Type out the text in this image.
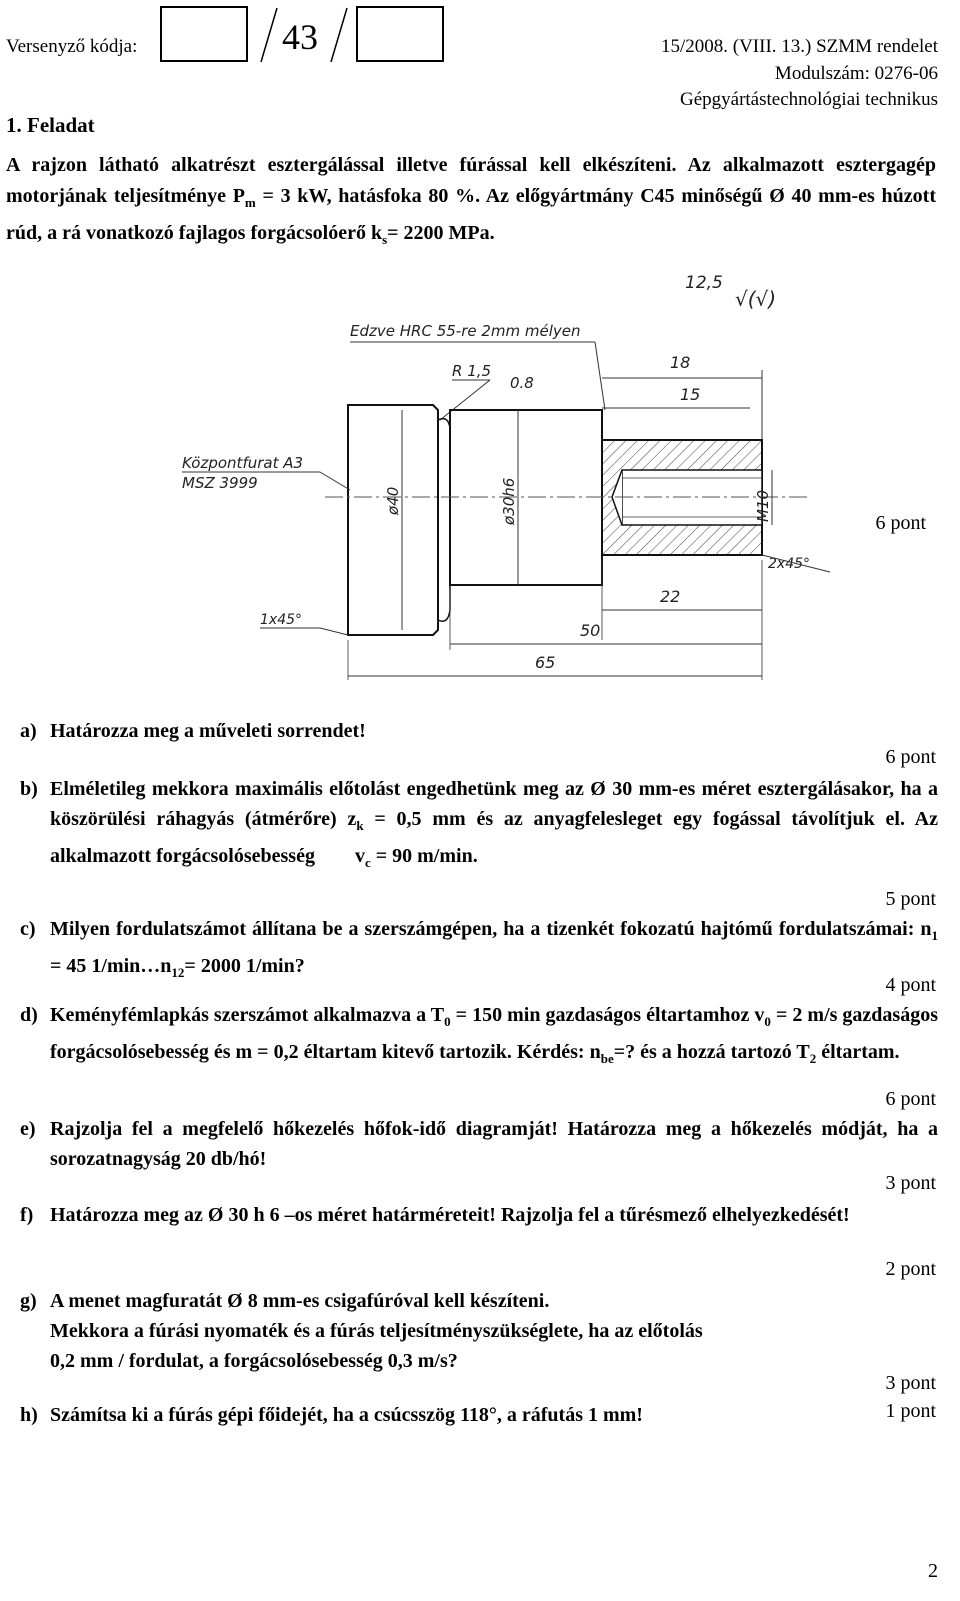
Versenyző kódja:	43	15/2008. (VIII. 13.) SZMM rendelet
Modulszám: 0276-06
Gépgyártástechnológiai technikus
1. Feladat
A rajzon látható alkatrészt esztergálással illetve fúrással kell elkészíteni. Az alkalmazott esztergagép motorjának teljesítménye $P_m = 3$ kW, hatásfoka 80 %. Az előgyártmány C45 minőségű Ø 40 mm-es húzott rúd, a rá vonatkozó fajlagos forgácsolóerő $k_s= 2200$ MPa.
12,5
√(√)
Edzve HRC 55-re 2mm mélyen
R 1,5
0.8
18
15
ø40	ø30h6	M10
Központfurat A3
MSZ 3999
2x45°
1x45°
22
50
65
6 pont
a) Határozza meg a műveleti sorrendet!
6 pont
b) Elméletileg mekkora maximális előtolást engedhetünk meg az Ø 30 mm-es méret esztergálásakor, ha a köszörülési ráhagyás (átmérőre) $z_k = 0,5$ mm és az anyagfelesleget egy fogással távolítjuk el. Az alkalmazott forgácsolósebesség $v_c = 90$ m/min.
5 pont
c) Milyen fordulatszámot állítana be a szerszámgépen, ha a tizenkét fokozatú hajtómű fordulatszámai: $n_1 = 45$ $1/\min\dots n_{12}= 2000$ 1/min?
4 pont
d) Keményfémlapkás szerszámot alkalmazva a $T_0 = 150$ min gazdaságos éltartamhoz $v_0 = 2$ m/s gazdaságos forgácsolósebesség és m = 0,2 éltartam kitevő tartozik. Kérdés: $n_{be}=$? és a hozzá tartozó $T_2$ éltartam.
6 pont
e) Rajzolja fel a megfelelő hőkezelés hőfok-idő diagramját! Határozza meg a hőkezelés módját, ha a sorozatnagyság 20 db/hó!
3 pont
f) Határozza meg az Ø 30 h 6 –os méret határméreteit! Rajzolja fel a tűrésmező elhelyezkedését!
2 pont
g) A menet magfuratát Ø 8 mm-es csigafúróval kell készíteni.
Mekkora a fúrási nyomaték és a fúrás teljesítményszükséglete, ha az előtolás
0,2 mm / fordulat, a forgácsolósebesség 0,3 m/s?
3 pont
h) Számítsa ki a fúrás gépi főidejét, ha a csúcsszög 118°, a ráfutás 1 mm!	1 pont
2
